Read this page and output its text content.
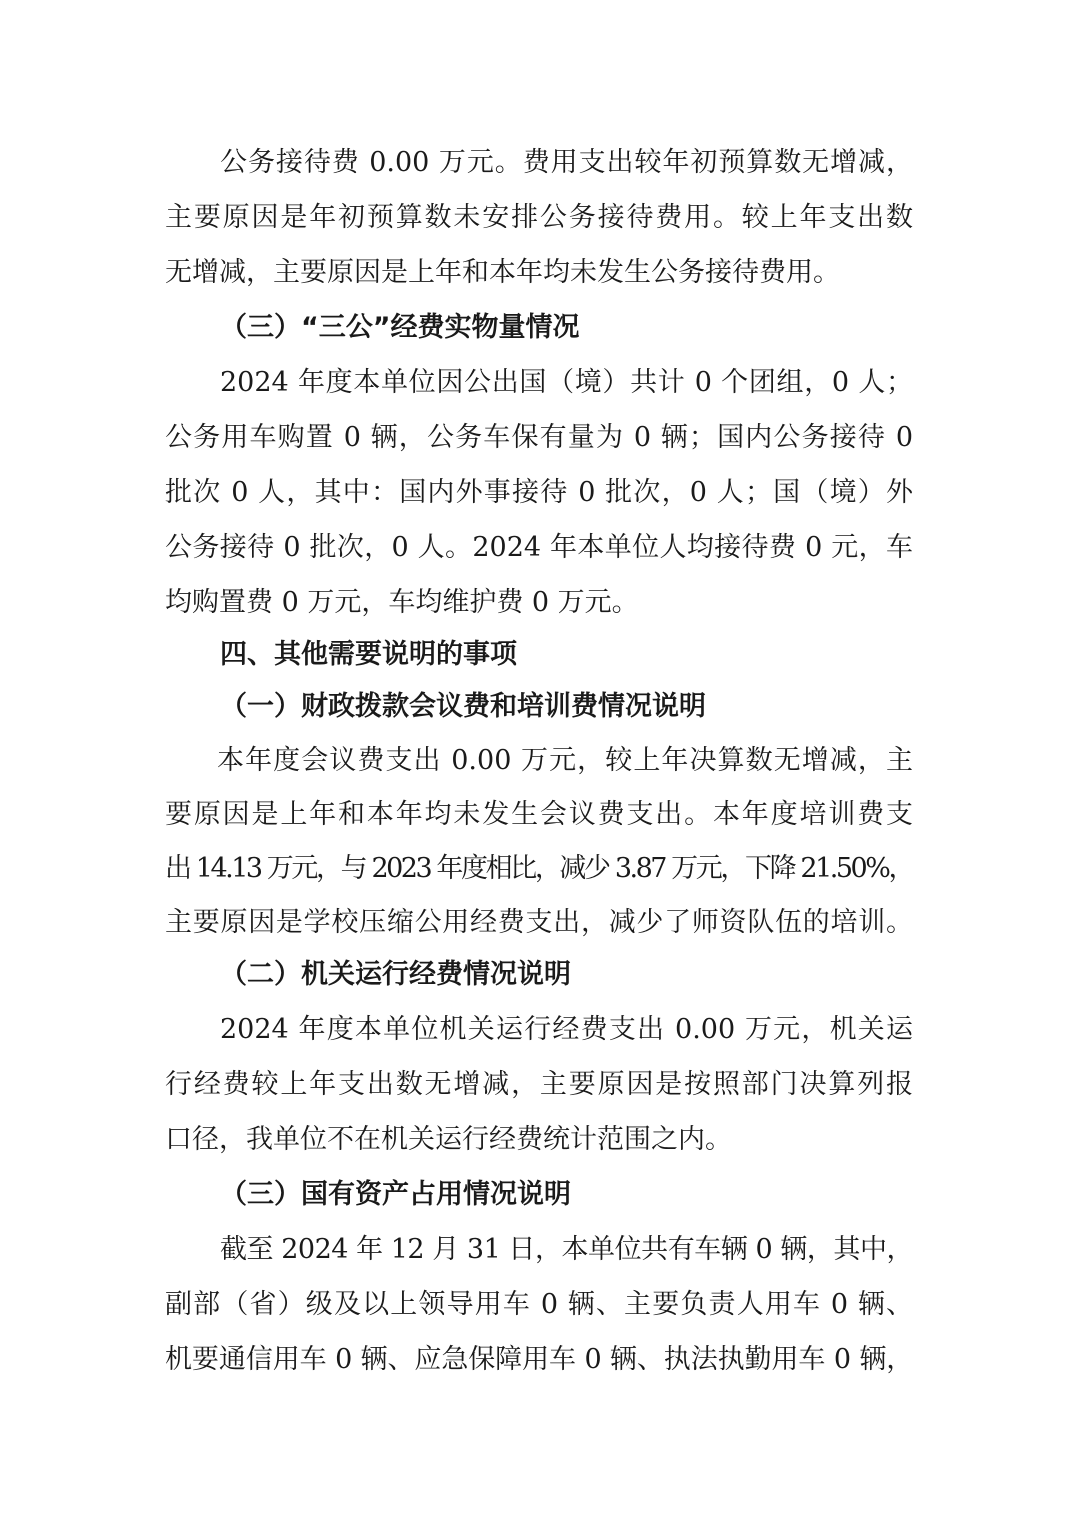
公务接待费 0.00 万元。费用支出较年初预算数无增减，
主要原因是年初预算数未安排公务接待费用。较上年支出数
无增减，主要原因是上年和本年均未发生公务接待费用。
（三）“三公”经费实物量情况
2024 年度本单位因公出国（境）共计 0 个团组，0 人；
公务用车购置 0 辆，公务车保有量为 0 辆；国内公务接待 0
批次 0 人，其中：国内外事接待 0 批次，0 人；国（境）外
公务接待 0 批次，0 人。2024 年本单位人均接待费 0 元，车
均购置费 0 万元，车均维护费 0 万元。
四、其他需要说明的事项
（一）财政拨款会议费和培训费情况说明
本年度会议费支出 0.00 万元，较上年决算数无增减，主
要原因是上年和本年均未发生会议费支出。本年度培训费支
出 14.13 万元，与 2023 年度相比，减少 3.87 万元，下降 21.50%，
主要原因是学校压缩公用经费支出，减少了师资队伍的培训。
（二）机关运行经费情况说明
2024 年度本单位机关运行经费支出 0.00 万元，机关运
行经费较上年支出数无增减，主要原因是按照部门决算列报
口径，我单位不在机关运行经费统计范围之内。
（三）国有资产占用情况说明
截至 2024 年 12 月 31 日，本单位共有车辆 0 辆，其中，
副部（省）级及以上领导用车 0 辆、主要负责人用车 0 辆、
机要通信用车 0 辆、应急保障用车 0 辆、执法执勤用车 0 辆，
